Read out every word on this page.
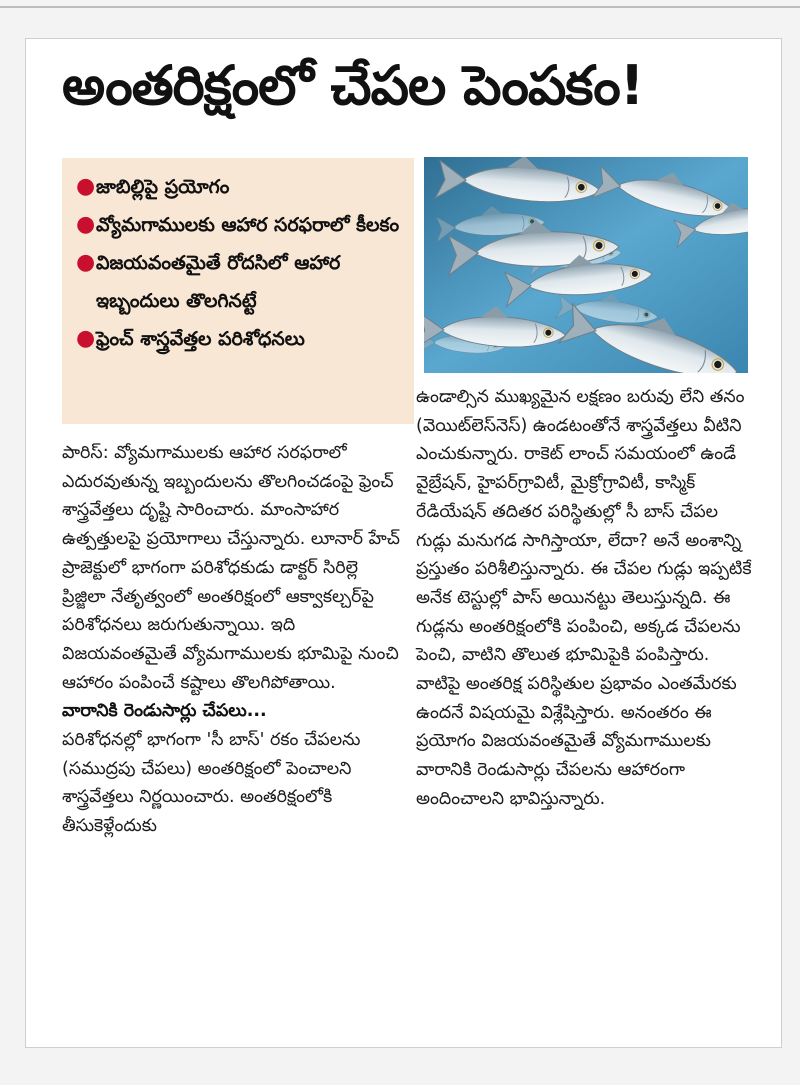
అంతరిక్షంలో చేపల పెంపకం!
● జాబిల్లిపై ప్రయోగం
● వ్యోమగాములకు ఆహార సరఫరాలో కీలకం
● విజయవంతమైతే రోదసిలో ఆహార ఇబ్బందులు తొలగినట్టే
● ఫ్రెంచ్ శాస్త్రవేత్తల పరిశోధనలు

పారిస్: వ్యోమగాములకు ఆహార సరఫరాలో ఎదురవుతున్న ఇబ్బందులను తొలగించడంపై ఫ్రెంచ్ శాస్త్రవేత్తలు దృష్టి సారించారు. మాంసాహార ఉత్పత్తులపై ప్రయోగాలు చేస్తున్నారు. లూనార్ హేచ్ ప్రాజెక్టులో భాగంగా పరిశోధకుడు డాక్టర్ సిరిల్లె ప్రిజ్జిలా నేతృత్వంలో అంతరిక్షంలో ఆక్వాకల్చర్‌పై పరిశోధనలు జరుగుతున్నాయి. ఇది విజయవంతమైతే వ్యోమగాములకు భూమిపై నుంచి ఆహారం పంపించే కష్టాలు తొలగిపోతాయి.

వారానికి రెండుసార్లు చేపలు...

పరిశోధనల్లో భాగంగా 'సీ బాస్' రకం చేపలను (సముద్రపు చేపలు) అంతరిక్షంలో పెంచాలని శాస్త్రవేత్తలు నిర్ణయించారు. అంతరిక్షంలోకి తీసుకెళ్లేందుకు

ఉండాల్సిన ముఖ్యమైన లక్షణం బరువు లేని తనం (వెయిట్‌లెస్‌నెస్) ఉండటంతోనే శాస్త్రవేత్తలు వీటిని ఎంచుకున్నారు. రాకెట్ లాంచ్ సమయంలో ఉండే వైబ్రేషన్, హైపర్‌గ్రావిటీ, మైక్రోగ్రావిటీ, కాస్మిక్ రేడియేషన్ తదితర పరిస్థితుల్లో సీ బాస్ చేపల గుడ్లు మనుగడ సాగిస్తాయా, లేదా? అనే అంశాన్ని ప్రస్తుతం పరిశీలిస్తున్నారు. ఈ చేపల గుడ్లు ఇప్పటికే అనేక టెస్టుల్లో పాస్ అయినట్టు తెలుస్తున్నది. ఈ గుడ్లను అంతరిక్షంలోకి పంపించి, అక్కడ చేపలను పెంచి, వాటిని తొలుత భూమిపైకి పంపిస్తారు. వాటిపై అంతరిక్ష పరిస్థితుల ప్రభావం ఎంతమేరకు ఉందనే విషయమై విశ్లేషిస్తారు. అనంతరం ఈ ప్రయోగం విజయవంతమైతే వ్యోమగాములకు వారానికి రెండుసార్లు చేపలను ఆహారంగా అందించాలని భావిస్తున్నారు.
